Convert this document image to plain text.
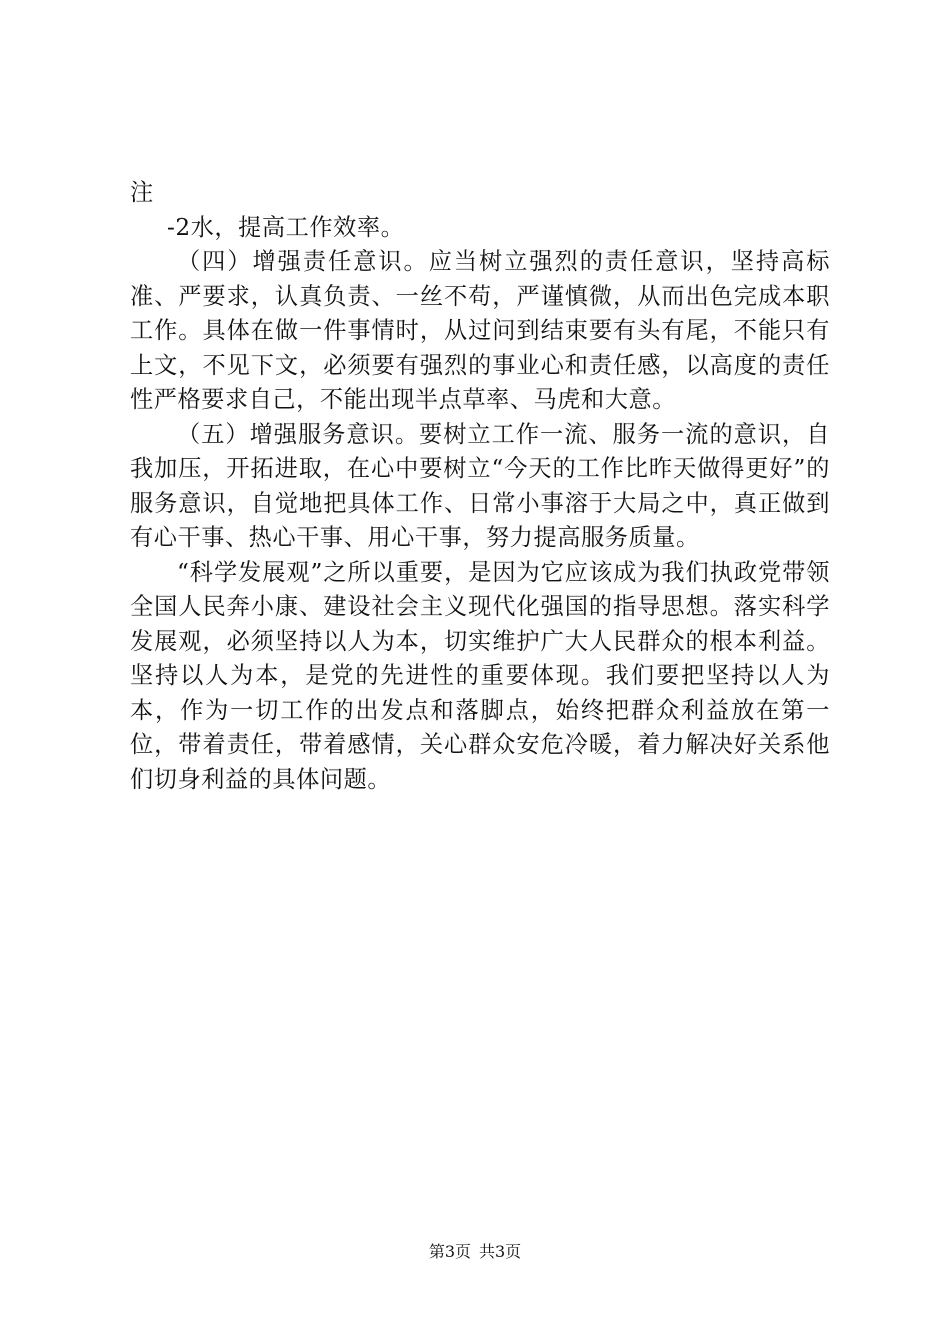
注

-2水，提高工作效率。

（四）增强责任意识。应当树立强烈的责任意识，坚持高标准、严要求，认真负责、一丝不苟，严谨慎微，从而出色完成本职工作。具体在做一件事情时，从过问到结束要有头有尾，不能只有上文，不见下文，必须要有强烈的事业心和责任感，以高度的责任性严格要求自己，不能出现半点草率、马虎和大意。

（五）增强服务意识。要树立工作一流、服务一流的意识，自我加压，开拓进取，在心中要树立“今天的工作比昨天做得更好”的服务意识，自觉地把具体工作、日常小事溶于大局之中，真正做到有心干事、热心干事、用心干事，努力提高服务质量。

“科学发展观”之所以重要，是因为它应该成为我们执政党带领全国人民奔小康、建设社会主义现代化强国的指导思想。落实科学发展观，必须坚持以人为本，切实维护广大人民群众的根本利益。坚持以人为本，是党的先进性的重要体现。我们要把坚持以人为本，作为一切工作的出发点和落脚点，始终把群众利益放在第一位，带着责任，带着感情，关心群众安危冷暖，着力解决好关系他们切身利益的具体问题。

第3页 共3页
